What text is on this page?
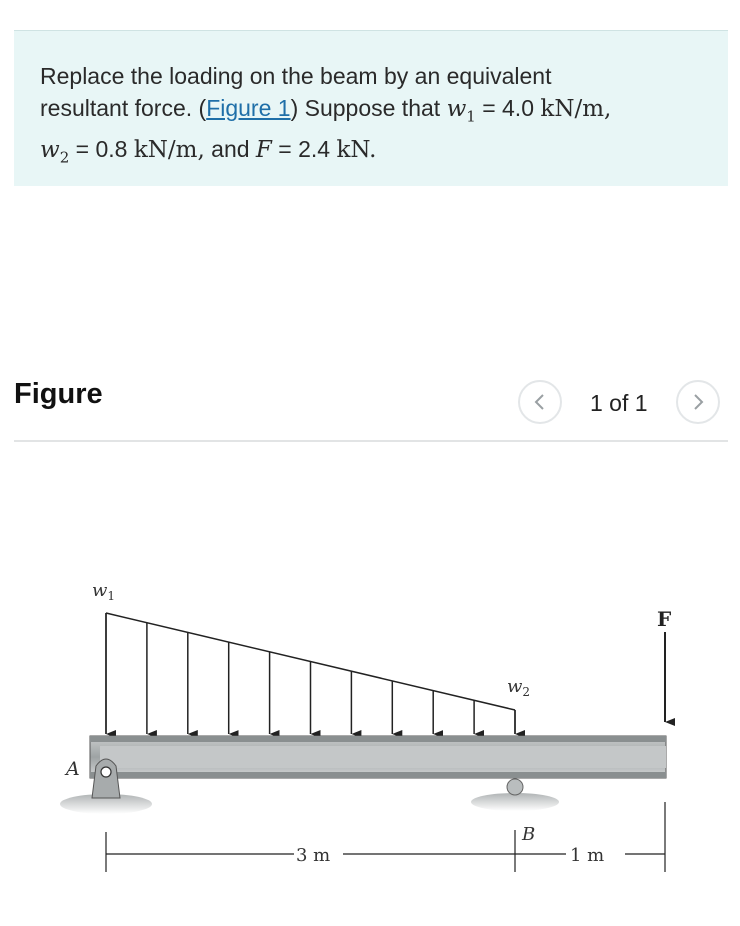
Replace the loading on the beam by an equivalent
resultant force. (Figure 1) Suppose that $w_1 = 4.0$ kN/m,
$w_2 = 0.8$ kN/m, and F = 2.4 kN.
Figure	1 of 1
F
A
B
$w_1$
$w_2$
3 m	1 m
